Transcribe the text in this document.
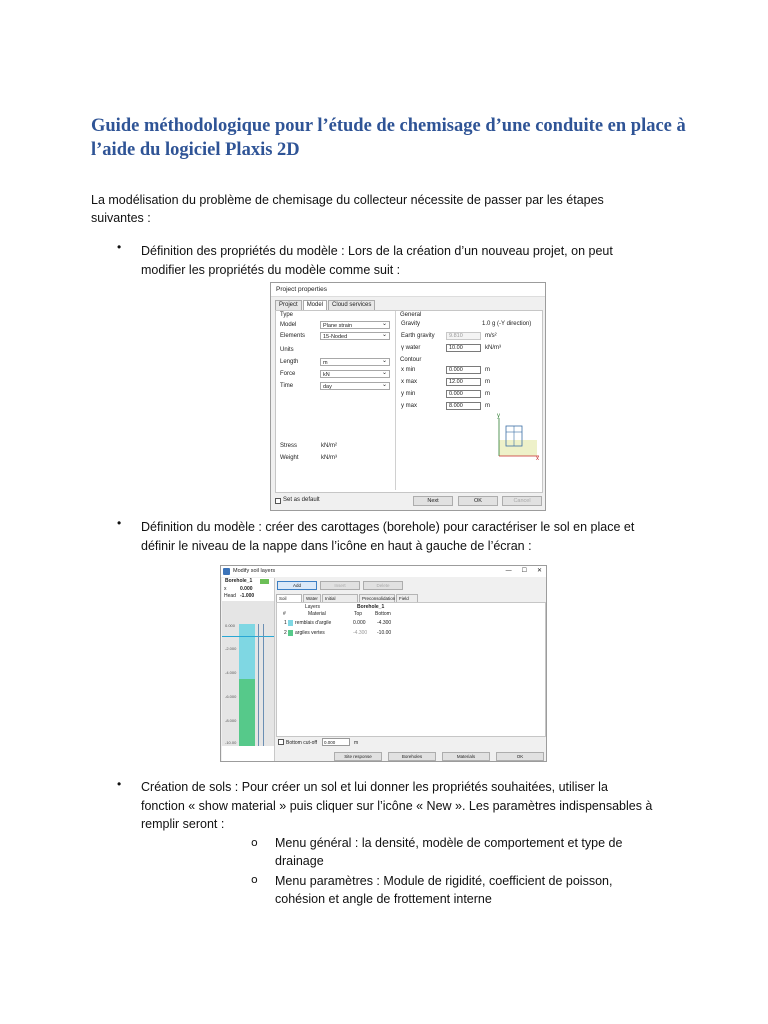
Guide méthodologique pour l’étude de chemisage d’une conduite en place à l’aide du logiciel Plaxis 2D

La modélisation du problème de chemisage du collecteur nécessite de passer par les étapes

suivantes :

• Définition des propriétés du modèle : Lors de la création d’un nouveau projet, on peut

modifier les propriétés du modèle comme suit :

Project properties
Project	Model	Cloud services
Type
Model	Plane strain ⌄
Elements	15-Noded ⌄
Units
Length	m ⌄
Force	kN ⌄
Time	day ⌄
Stress	kN/m²
Weight	kN/m³
General
Gravity	1.0 g (-Y direction)
Earth gravity	9.810	m/s²
γ water	10.00	kN/m³
Contour
x min	0.000	m
x max	12.00	m
y min	0.000	m
y max	8.000	m
y
x
Set as default	Next	OK	Cancel
• Définition du modèle : créer des carottages (borehole) pour caractériser le sol en place et

définir le niveau de la nappe dans l’icône en haut à gauche de l’écran :

Modify soil layers	— ☐ ✕
Borehole_1
x	0.000
Head -1.000
0.000
-2.000
-4.000
-6.000
-8.000
-10.00
Add	Insert	Delete
Soil	Water	Initial	Preconsolidation Field
Layers	Borehole_1
#	Material	Top	Bottom
1 remblais d'argile	0.000 -4.300
2 argiles vertes	-4.300 -10.00
Bottom cut-off	0.000	m
Site response	Boreholes	Materials	OK
• Création de sols : Pour créer un sol et lui donner les propriétés souhaitées, utiliser la

fonction « show material » puis cliquer sur l’icône « New ». Les paramètres indispensables à

remplir seront :

o Menu général : la densité, modèle de comportement et type de

drainage

o Menu paramètres : Module de rigidité, coefficient de poisson,

cohésion et angle de frottement interne
